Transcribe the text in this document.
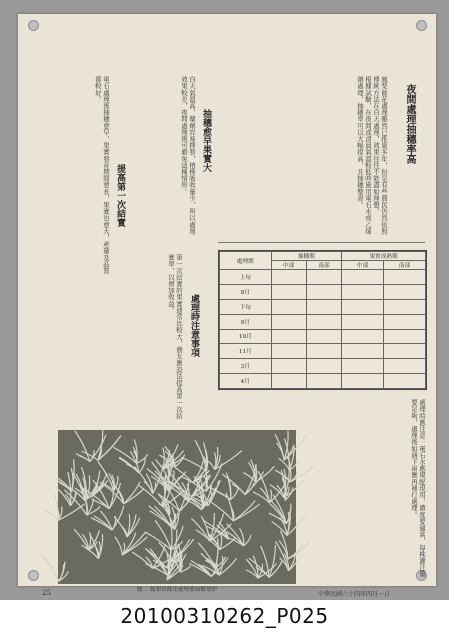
夜間處理抽穗率高
鳳梨催花處理雖然已推廣多年，但是有些農民仍然依照傳統方法在白天處理，效果往往不能盡如理想。
根據試驗，在夜間或清晨氣溫較低時施用電石水或乙烯劑處理，抽穗率可以大幅提高，且抽穗整齊。
抽穗愈早果實大
白天氣溫高，藥劑容易揮發，植株吸收量少，所以處理效果較差，夜間處理則可避免這種情形。
提高第一次結實
電石處理後抽穗愈早，果實發育期間愈長，果實也愈大，產量及品質都較好。
處理時注意事項
第一次結實的果實通常比較大，農友應設法提高第一次結實率，以增加收益。
處理時應注意：電石水應現配現用，濃度要適當，每株灌注量要足夠，處理後如遇下雨應再補行處理。
處理期	抽穗期		果實成熟期	
	中部	南部	中部	南部
上旬				
8月				
下旬				
9月				
10月				
11月				
3月				
4月				
圖二 鳳梨田催花處理後抽穗情形
25	中華民國六十四年四月一日
20100310262_P025
